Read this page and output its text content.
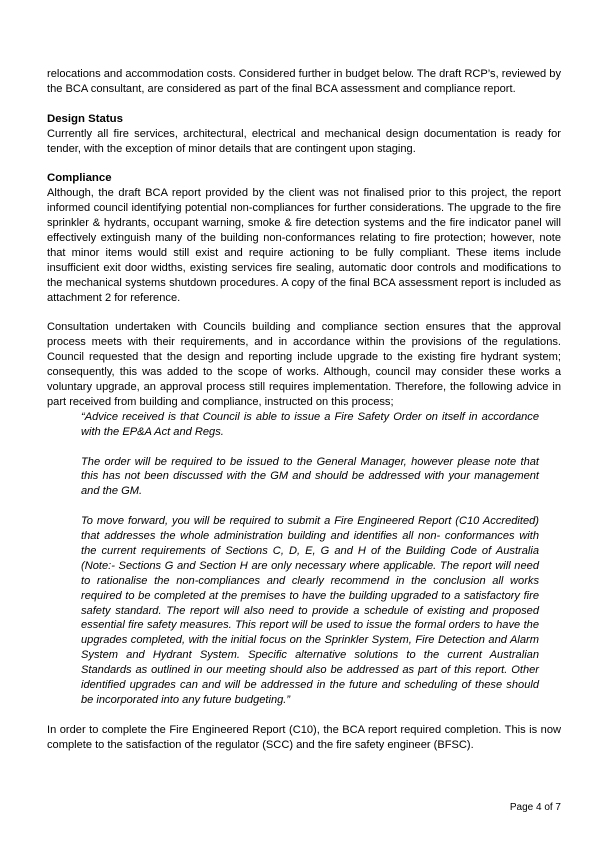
relocations and accommodation costs. Considered further in budget below. The draft RCP’s, reviewed by the BCA consultant, are considered as part of the final BCA assessment and compliance report.

Design Status

Currently all fire services, architectural, electrical and mechanical design documentation is ready for tender, with the exception of minor details that are contingent upon staging.

Compliance

Although, the draft BCA report provided by the client was not finalised prior to this project, the report informed council identifying potential non-compliances for further considerations. The upgrade to the fire sprinkler & hydrants, occupant warning, smoke & fire detection systems and the fire indicator panel will effectively extinguish many of the building non-conformances relating to fire protection; however, note that minor items would still exist and require actioning to be fully compliant. These items include insufficient exit door widths, existing services fire sealing, automatic door controls and modifications to the mechanical systems shutdown procedures. A copy of the final BCA assessment report is included as attachment 2 for reference.

Consultation undertaken with Councils building and compliance section ensures that the approval process meets with their requirements, and in accordance within the provisions of the regulations. Council requested that the design and reporting include upgrade to the existing fire hydrant system; consequently, this was added to the scope of works. Although, council may consider these works a voluntary upgrade, an approval process still requires implementation. Therefore, the following advice in part received from building and compliance, instructed on this process;

“Advice received is that Council is able to issue a Fire Safety Order on itself in accordance with the EP&A Act and Regs.

The order will be required to be issued to the General Manager, however please note that this has not been discussed with the GM and should be addressed with your management and the GM.

To move forward, you will be required to submit a Fire Engineered Report (C10 Accredited) that addresses the whole administration building and identifies all non- conformances with the current requirements of Sections C, D, E, G and H of the Building Code of Australia (Note:- Sections G and Section H are only necessary where applicable. The report will need to rationalise the non-compliances and clearly recommend in the conclusion all works required to be completed at the premises to have the building upgraded to a satisfactory fire safety standard. The report will also need to provide a schedule of existing and proposed essential fire safety measures. This report will be used to issue the formal orders to have the upgrades completed, with the initial focus on the Sprinkler System, Fire Detection and Alarm System and Hydrant System. Specific alternative solutions to the current Australian Standards as outlined in our meeting should also be addressed as part of this report. Other identified upgrades can and will be addressed in the future and scheduling of these should be incorporated into any future budgeting.”

In order to complete the Fire Engineered Report (C10), the BCA report required completion. This is now complete to the satisfaction of the regulator (SCC) and the fire safety engineer (BFSC).

Page 4 of 7
